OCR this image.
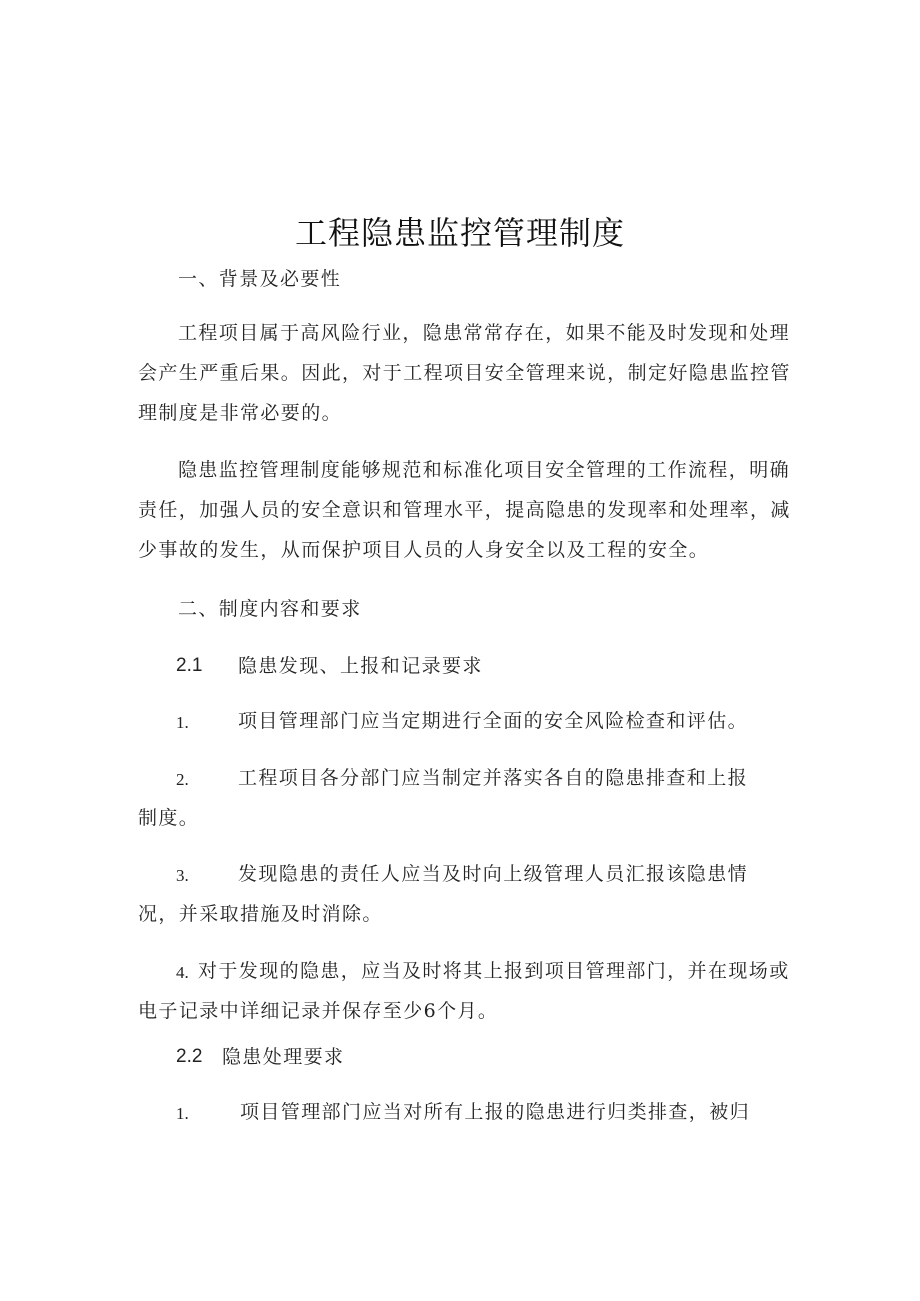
工程隐患监控管理制度
一、背景及必要性
工程项目属于高风险行业，隐患常常存在，如果不能及时发现和处理
会产生严重后果。因此，对于工程项目安全管理来说，制定好隐患监控管
理制度是非常必要的。
隐患监控管理制度能够规范和标准化项目安全管理的工作流程，明确
责任，加强人员的安全意识和管理水平，提高隐患的发现率和处理率，减
少事故的发生，从而保护项目人员的人身安全以及工程的安全。
二、制度内容和要求
2.1 隐患发现、上报和记录要求
1.	项目管理部门应当定期进行全面的安全风险检查和评估。
2.	工程项目各分部门应当制定并落实各自的隐患排查和上报
制度。
3.	发现隐患的责任人应当及时向上级管理人员汇报该隐患情
况，并采取措施及时消除。
4. 对于发现的隐患，应当及时将其上报到项目管理部门，并在现场或
电子记录中详细记录并保存至少6个月。
2.2 隐患处理要求
1.	项目管理部门应当对所有上报的隐患进行归类排查，被归
